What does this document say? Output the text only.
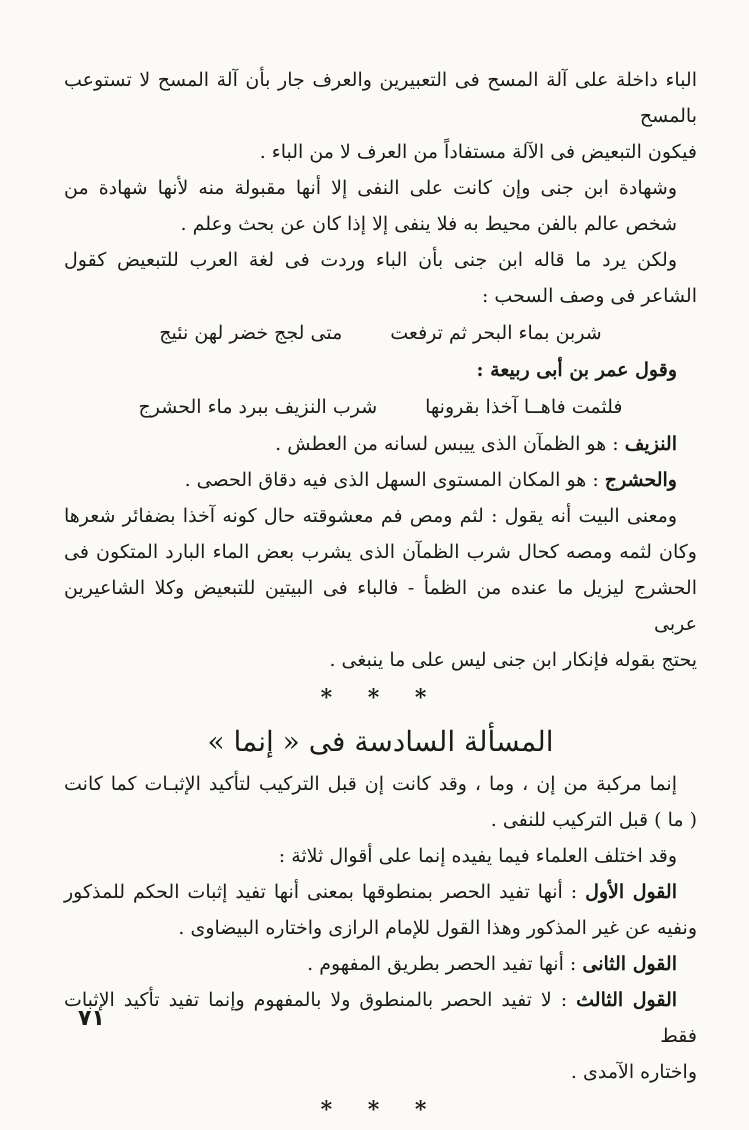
الباء داخلة على آلة المسح فى التعبيرين والعرف جار بأن آلة المسح لا تستوعب بالمسح
فيكون التبعيض فى الآلة مستفاداً من العرف لا من الباء .

وشهادة ابن جنى وإن كانت على النفى إلا أنها مقبولة منه لأنها شهادة من
شخص عالم بالفن محيط به فلا ينفى إلا إذا كان عن بحث وعلم .

ولكن يرد ما قاله ابن جنى بأن الباء وردت فى لغة العرب للتبعيض كقول
الشاعر فى وصف السحب :

شربن بماء البحر ثم ترفعت
متى لجج خضر لهن نئيج

وقول عمر بن أبى ربيعة :

فلثمت فاهــا آخذا بقرونها
شرب النزيف ببرد ماء الحشرج

النزيف : هو الظمآن الذى ييبس لسانه من العطش .

والحشرج : هو المكان المستوى السهل الذى فيه دقاق الحصى .

ومعنى البيت أنه يقول : لثم ومص فم معشوقته حال كونه آخذا بضفائر شعرها
وكان لثمه ومصه كحال شرب الظمآن الذى يشرب بعض الماء البارد المتكون فى
الحشرج ليزيل ما عنده من الظمأ - فالباء فى البيتين للتبعيض وكلا الشاعيرين عربى
يحتج بقوله فإنكار ابن جنى ليس على ما ينبغى .

* * *

المسألة السادسة فى « إنما »

إنما مركبة من إن ، وما ، وقد كانت إن قبل التركيب لتأكيد الإثبـات كما كانت
( ما ) قبل التركيب للنفى .

وقد اختلف العلماء فيما يفيده إنما على أقوال ثلاثة :

القول الأول : أنها تفيد الحصر بمنطوقها بمعنى أنها تفيد إثبات الحكم للمذكور
ونفيه عن غير المذكور وهذا القول للإمام الرازى واختاره البيضاوى .

القول الثانى : أنها تفيد الحصر بطريق المفهوم .

القول الثالث : لا تفيد الحصر بالمنطوق ولا بالمفهوم وإنما تفيد تأكيد الإثبات فقط
واختاره الآمدى .

* * *

٧١
